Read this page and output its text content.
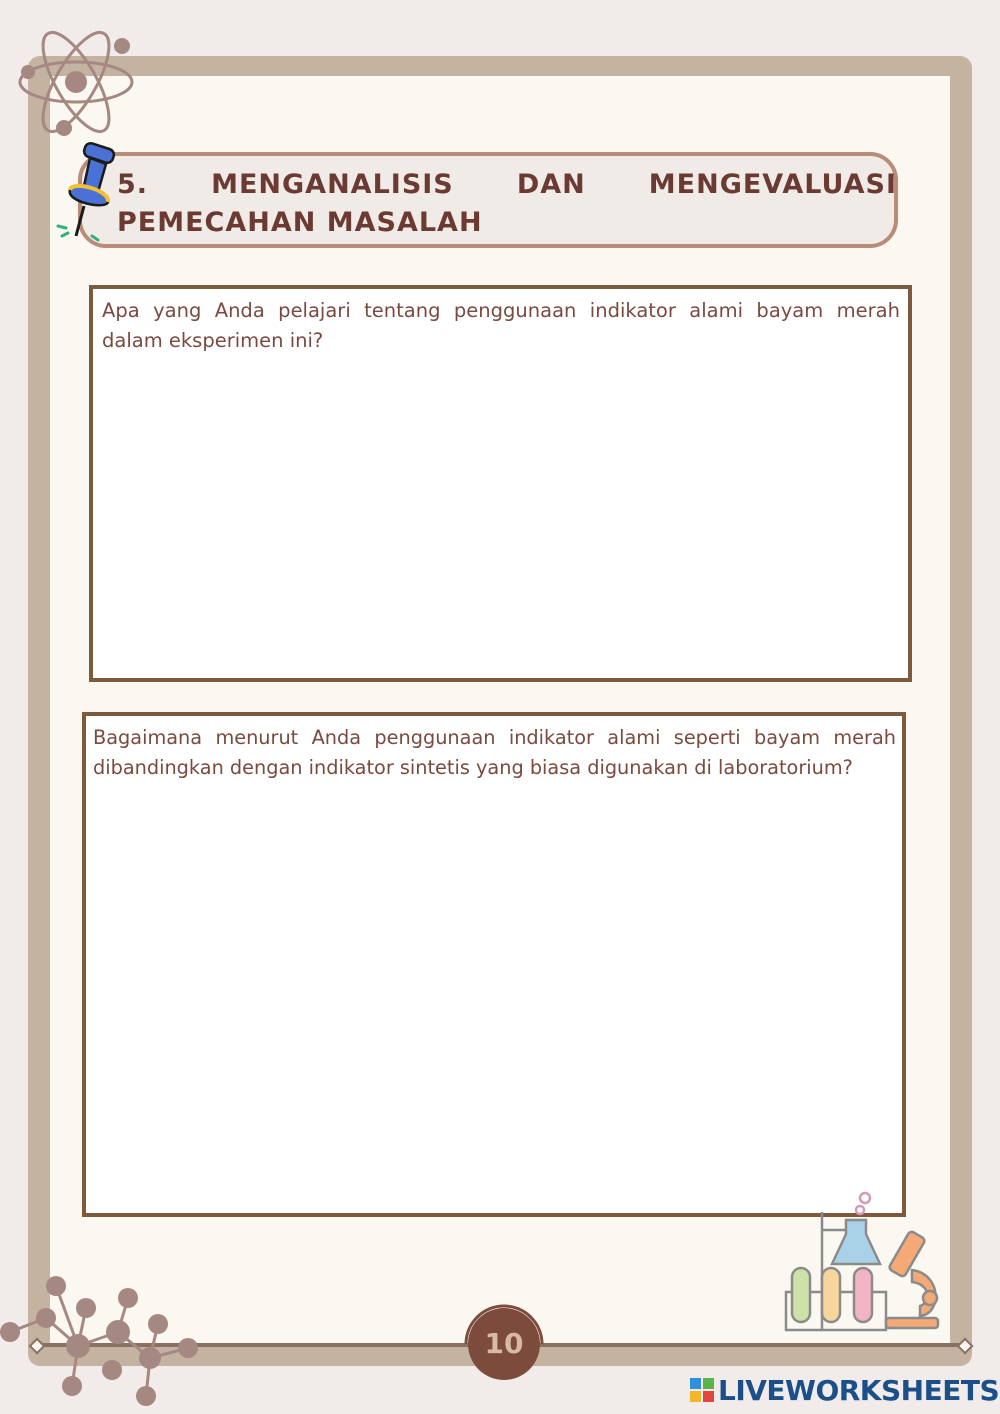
5. MENGANALISIS DAN MENGEVALUASI PEMECAHAN MASALAH

Apa yang Anda pelajari tentang penggunaan indikator alami bayam merah dalam eksperimen ini?

Bagaimana menurut Anda penggunaan indikator alami seperti bayam merah dibandingkan dengan indikator sintetis yang biasa digunakan di laboratorium?

10
LIVEWORKSHEETS
